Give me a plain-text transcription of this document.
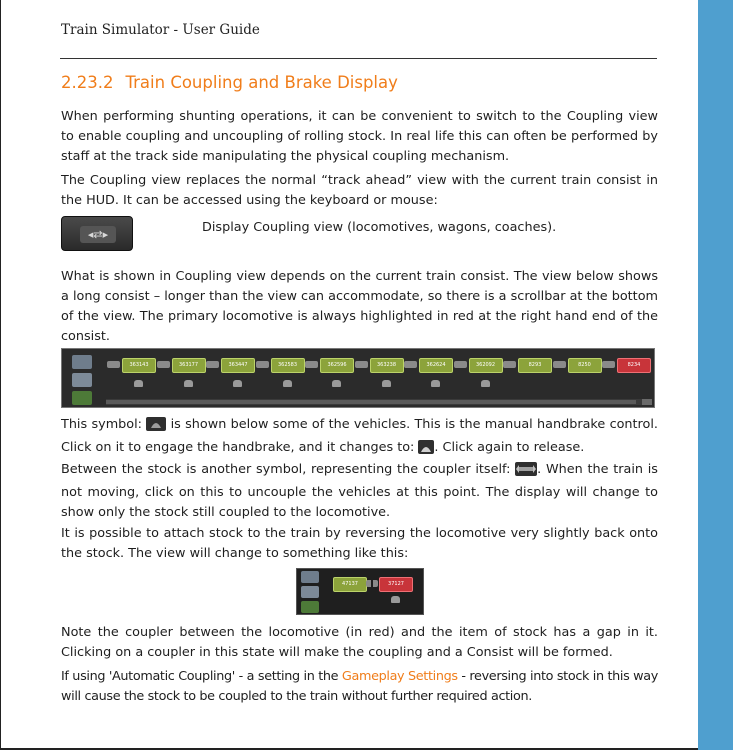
Train Simulator - User Guide
2.23.2 Train Coupling and Brake Display

When performing shunting operations, it can be convenient to switch to the Coupling view to enable coupling and uncoupling of rolling stock. In real life this can often be performed by staff at the track side manipulating the physical coupling mechanism.

The Coupling view replaces the normal “track ahead” view with the current train consist in the HUD. It can be accessed using the keyboard or mouse:

◂⇄▸	Display Coupling view (locomotives, wagons, coaches).

What is shown in Coupling view depends on the current train consist. The view below shows a long consist – longer than the view can accommodate, so there is a scrollbar at the bottom of the view. The primary locomotive is always highlighted in red at the right hand end of the consist.

363143	363177	363447	362583	362596	363238	362624	362092	8293	8250	8234

This symbol:  is shown below some of the vehicles. This is the manual handbrake control. Click on it to engage the handbrake, and it changes to: . Click again to release.

Between the stock is another symbol, representing the coupler itself: . When the train is not moving, click on this to uncouple the vehicles at this point. The display will change to show only the stock still coupled to the locomotive.

It is possible to attach stock to the train by reversing the locomotive very slightly back onto the stock. The view will change to something like this:

47137	37127

Note the coupler between the locomotive (in red) and the item of stock has a gap in it. Clicking on a coupler in this state will make the coupling and a Consist will be formed.

If using 'Automatic Coupling' - a setting in the Gameplay Settings - reversing into stock in this way will cause the stock to be coupled to the train without further required action.
